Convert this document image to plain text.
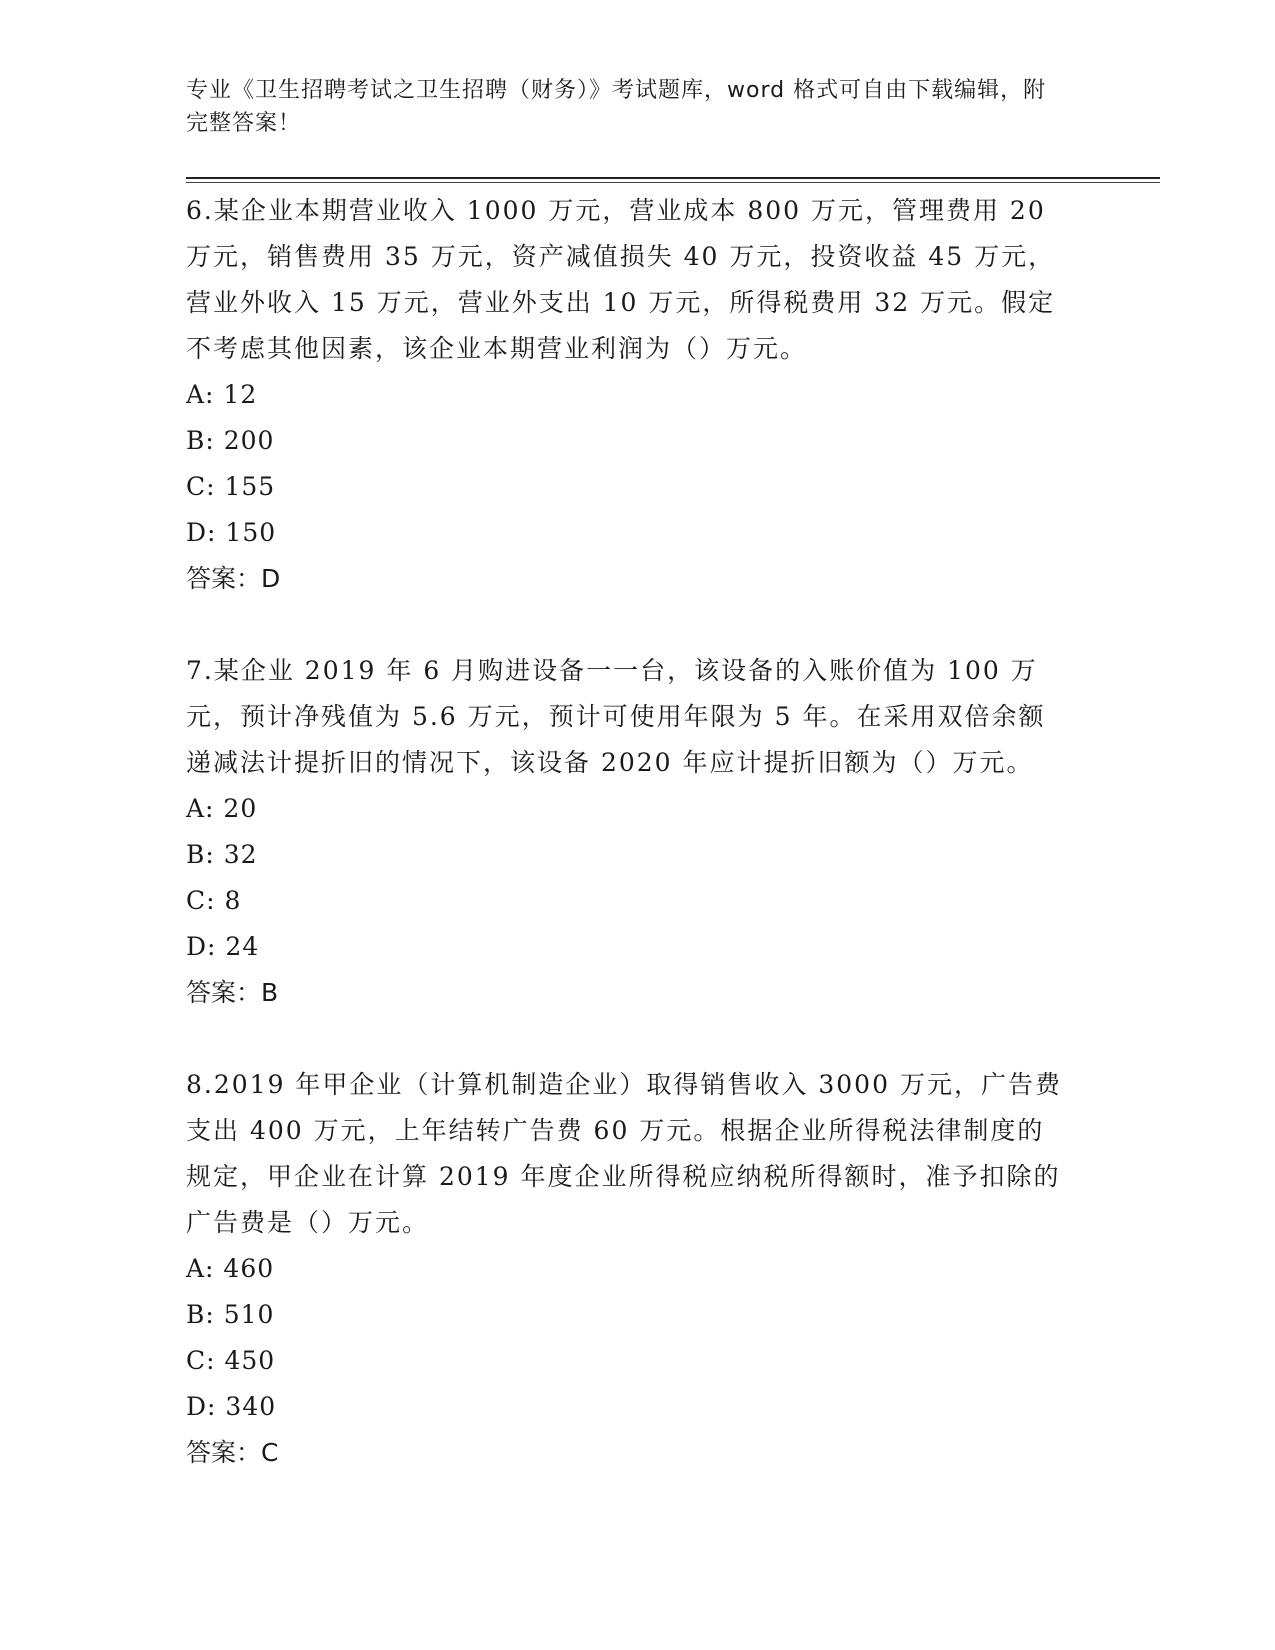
专业《卫生招聘考试之卫生招聘（财务）》考试题库，word 格式可自由下载编辑，附完整答案！
6.某企业本期营业收入 1000 万元，营业成本 800 万元，管理费用 20 万元，销售费用 35 万元，资产减值损失 40 万元，投资收益 45 万元，营业外收入 15 万元，营业外支出 10 万元，所得税费用 32 万元。假定不考虑其他因素，该企业本期营业利润为（）万元。
A: 12
B: 200
C: 155
D: 150
答案：D
7.某企业 2019 年 6 月购进设备一一台，该设备的入账价值为 100 万元，预计净残值为 5.6 万元，预计可使用年限为 5 年。在采用双倍余额递减法计提折旧的情况下，该设备 2020 年应计提折旧额为（）万元。
A: 20
B: 32
C: 8
D: 24
答案：B
8.2019 年甲企业（计算机制造企业）取得销售收入 3000 万元，广告费支出 400 万元，上年结转广告费 60 万元。根据企业所得税法律制度的规定，甲企业在计算 2019 年度企业所得税应纳税所得额时，准予扣除的广告费是（）万元。
A: 460
B: 510
C: 450
D: 340
答案：C
